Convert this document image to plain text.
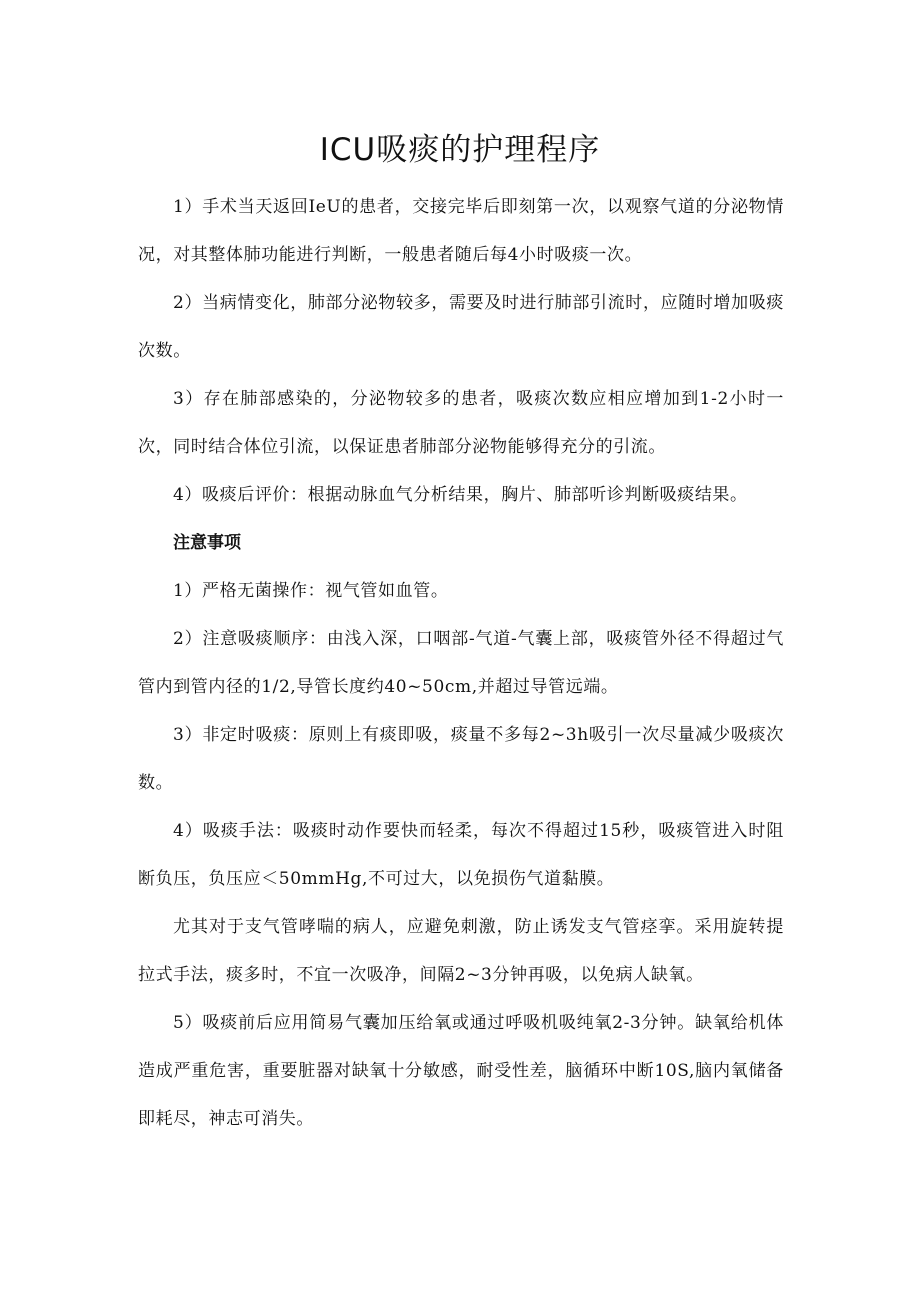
ICU吸痰的护理程序

1）手术当天返回IeU的患者，交接完毕后即刻第一次，以观察气道的分泌物情况，对其整体肺功能进行判断，一般患者随后每4小时吸痰一次。

2）当病情变化，肺部分泌物较多，需要及时进行肺部引流时，应随时增加吸痰次数。

3）存在肺部感染的，分泌物较多的患者，吸痰次数应相应增加到1-2小时一次，同时结合体位引流，以保证患者肺部分泌物能够得充分的引流。

4）吸痰后评价：根据动脉血气分析结果，胸片、肺部听诊判断吸痰结果。

注意事项

1）严格无菌操作：视气管如血管。

2）注意吸痰顺序：由浅入深，口咽部-气道-气囊上部，吸痰管外径不得超过气管内到管内径的1/2,导管长度约40~50cm,并超过导管远端。

3）非定时吸痰：原则上有痰即吸，痰量不多每2~3h吸引一次尽量减少吸痰次数。

4）吸痰手法：吸痰时动作要快而轻柔，每次不得超过15秒，吸痰管进入时阻断负压，负压应＜50mmHg,不可过大，以免损伤气道黏膜。

尤其对于支气管哮喘的病人，应避免刺激，防止诱发支气管痉挛。采用旋转提拉式手法，痰多时，不宜一次吸净，间隔2~3分钟再吸，以免病人缺氧。

5）吸痰前后应用简易气囊加压给氧或通过呼吸机吸纯氧2-3分钟。缺氧给机体造成严重危害，重要脏器对缺氧十分敏感，耐受性差，脑循环中断10S,脑内氧储备即耗尽，神志可消失。
